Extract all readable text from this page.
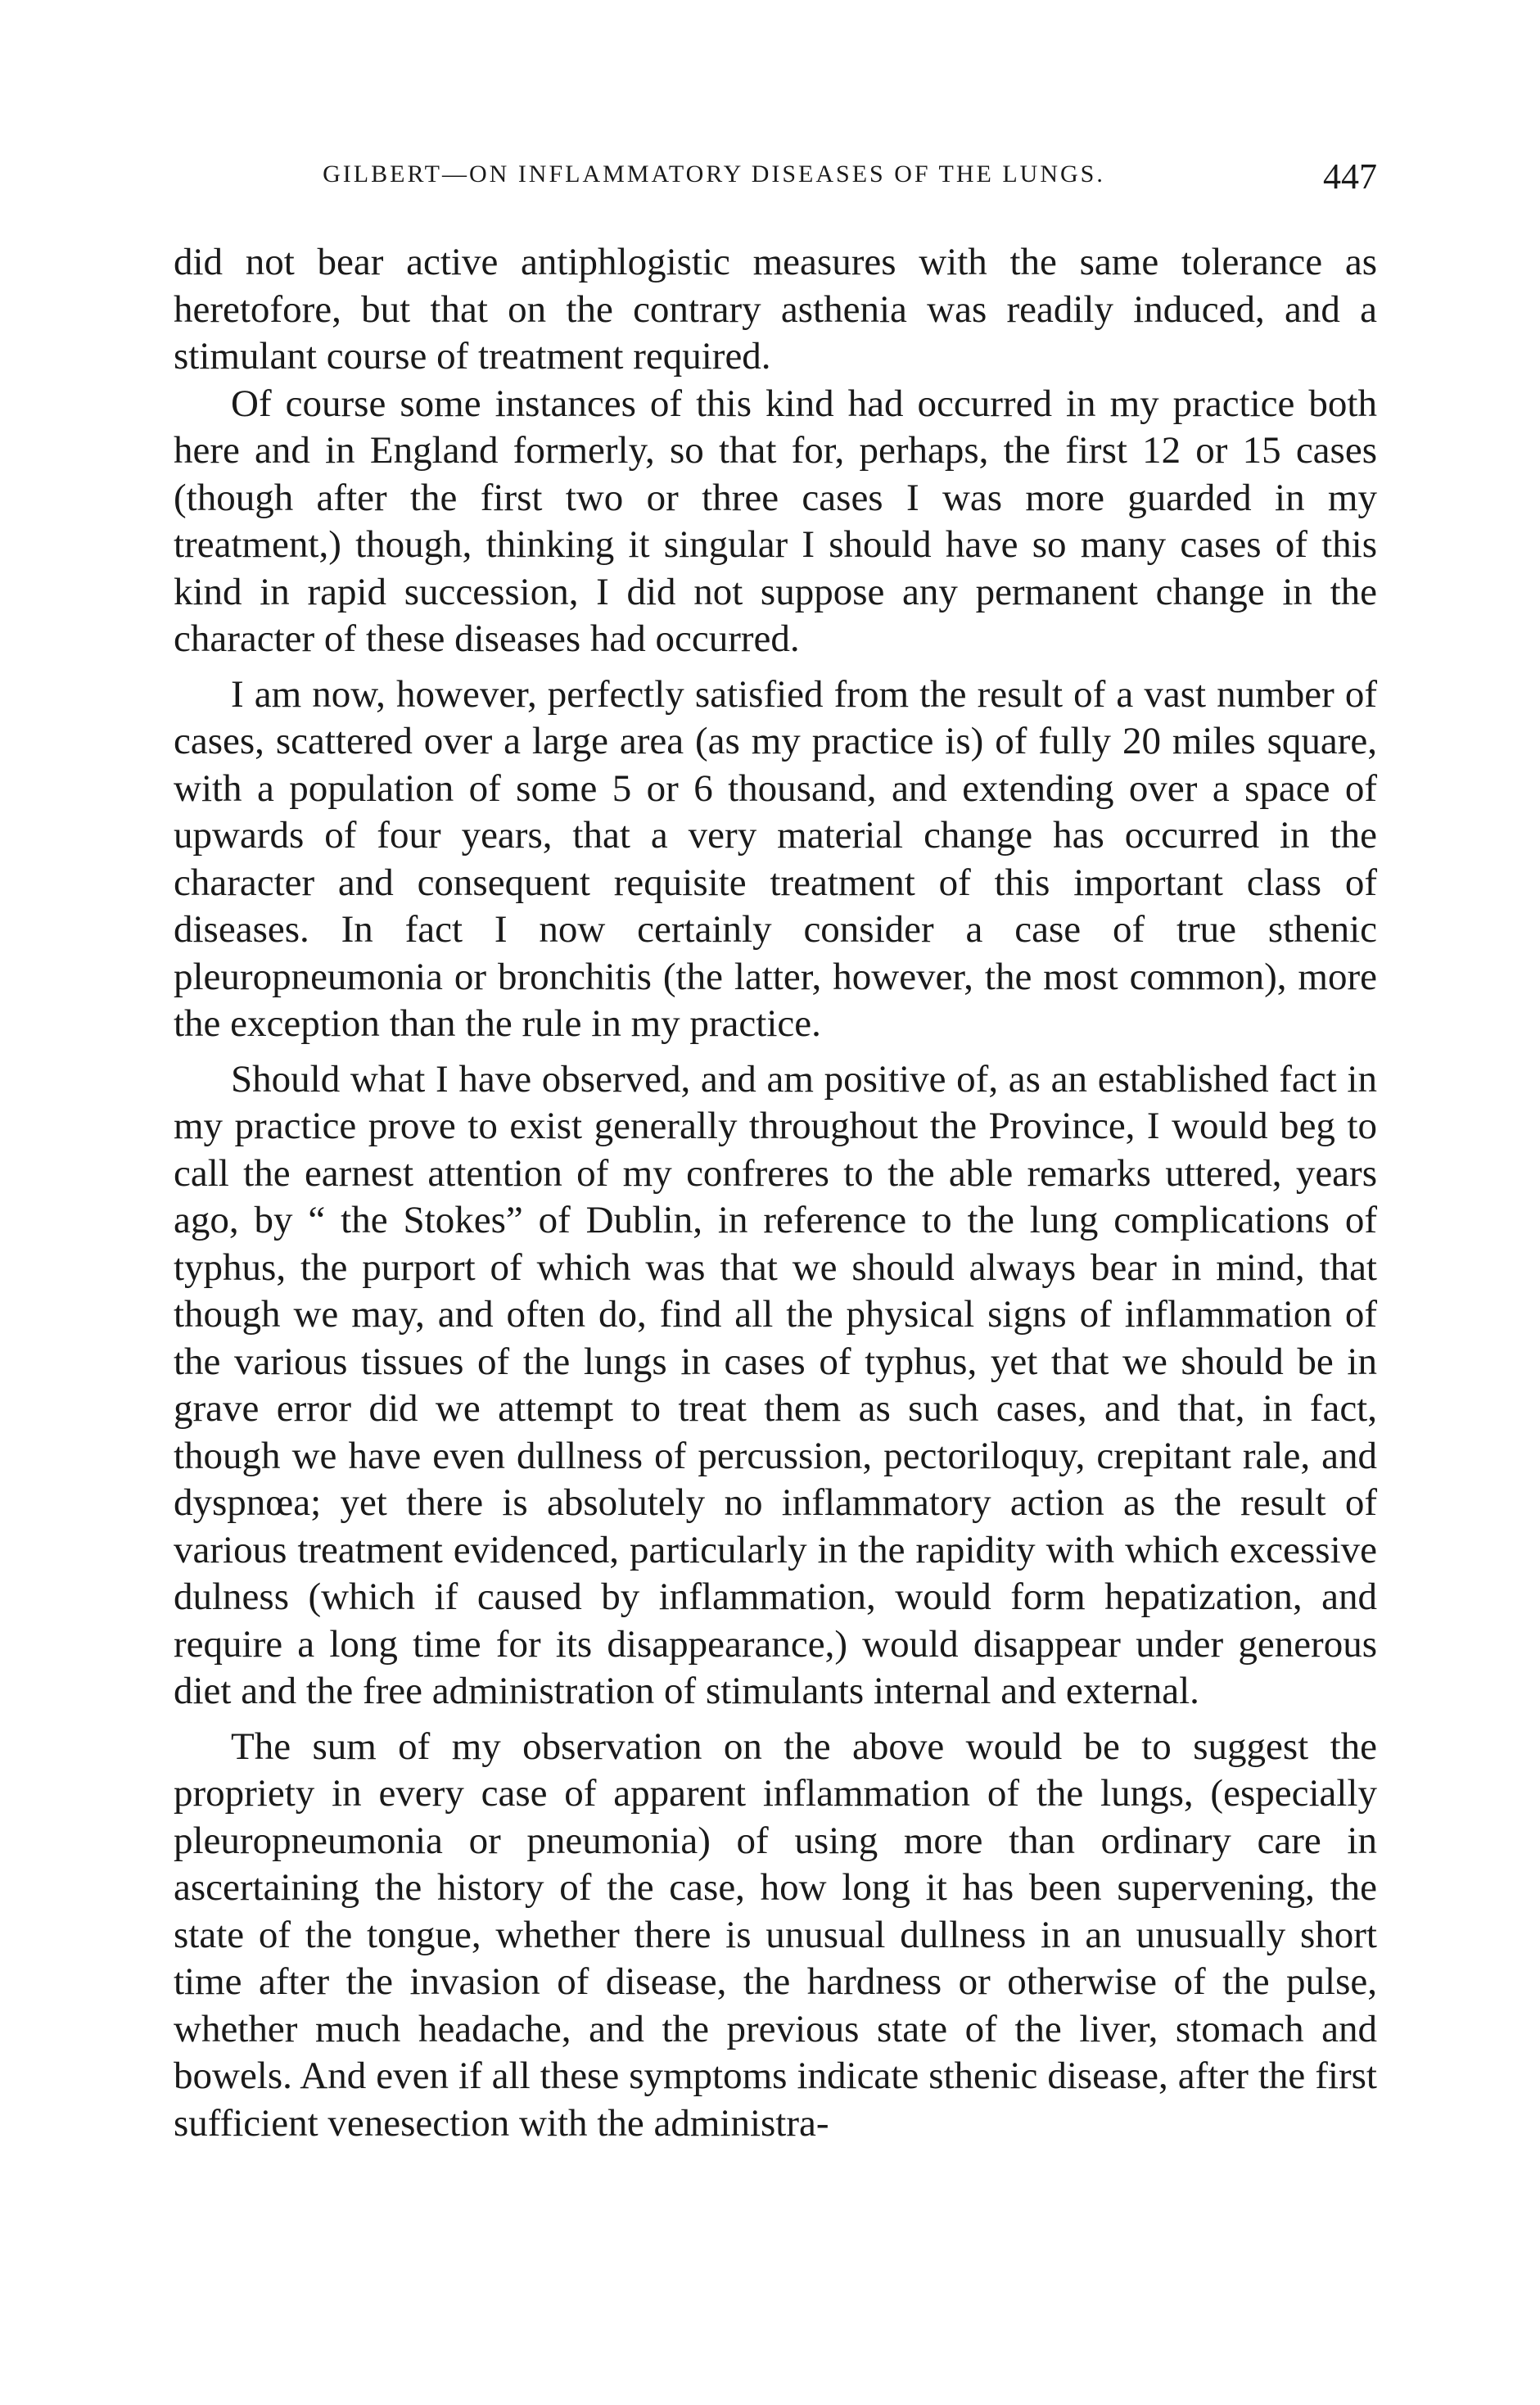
GILBERT—ON INFLAMMATORY DISEASES OF THE LUNGS.	447

did not bear active antiphlogistic measures with the same tolerance as heretofore, but that on the contrary asthenia was readily induced, and a stimulant course of treatment required.

Of course some instances of this kind had occurred in my practice both here and in England formerly, so that for, perhaps, the first 12 or 15 cases (though after the first two or three cases I was more guarded in my treatment,) though, thinking it singular I should have so many cases of this kind in rapid succession, I did not suppose any permanent change in the character of these diseases had occurred.

I am now, however, perfectly satisfied from the result of a vast number of cases, scattered over a large area (as my practice is) of fully 20 miles square, with a population of some 5 or 6 thousand, and extending over a space of upwards of four years, that a very material change has occurred in the character and consequent requisite treatment of this important class of diseases. In fact I now certainly consider a case of true sthenic pleuropneumonia or bronchitis (the latter, however, the most common), more the exception than the rule in my practice.

Should what I have observed, and am positive of, as an established fact in my practice prove to exist generally throughout the Province, I would beg to call the earnest attention of my confreres to the able remarks uttered, years ago, by “ the Stokes” of Dublin, in reference to the lung complications of typhus, the purport of which was that we should always bear in mind, that though we may, and often do, find all the physical signs of inflammation of the various tissues of the lungs in cases of typhus, yet that we should be in grave error did we attempt to treat them as such cases, and that, in fact, though we have even dullness of percussion, pectoriloquy, crepitant rale, and dyspnœa; yet there is absolutely no inflammatory action as the result of various treatment evidenced, particularly in the rapidity with which excessive dulness (which if caused by inflammation, would form hepatization, and require a long time for its disappearance,) would disappear under generous diet and the free administration of stimulants internal and external.

The sum of my observation on the above would be to suggest the propriety in every case of apparent inflammation of the lungs, (especially pleuropneumonia or pneumonia) of using more than ordinary care in ascertaining the history of the case, how long it has been supervening, the state of the tongue, whether there is unusual dullness in an unusually short time after the invasion of disease, the hardness or otherwise of the pulse, whether much headache, and the previous state of the liver, stomach and bowels. And even if all these symptoms indicate sthenic disease, after the first sufficient venesection with the administra-
